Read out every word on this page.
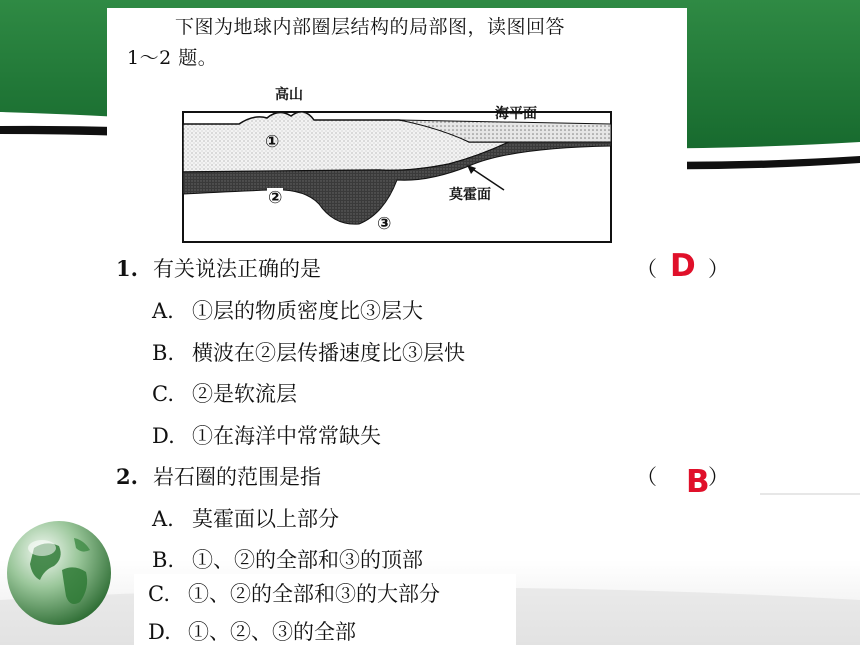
下图为地球内部圈层结构的局部图，读图回答
1～2 题。
高山
海平面
莫霍面
①
②
③
1. 有关说法正确的是	（ D ）
A. ①层的物质密度比③层大
B. 横波在②层传播速度比③层快
C. ②是软流层
D. ①在海洋中常常缺失
2. 岩石圈的范围是指	（ B
）
A. 莫霍面以上部分
B. ①、②的全部和③的顶部
C. ①、②的全部和③的大部分
D. ①、②、③的全部
